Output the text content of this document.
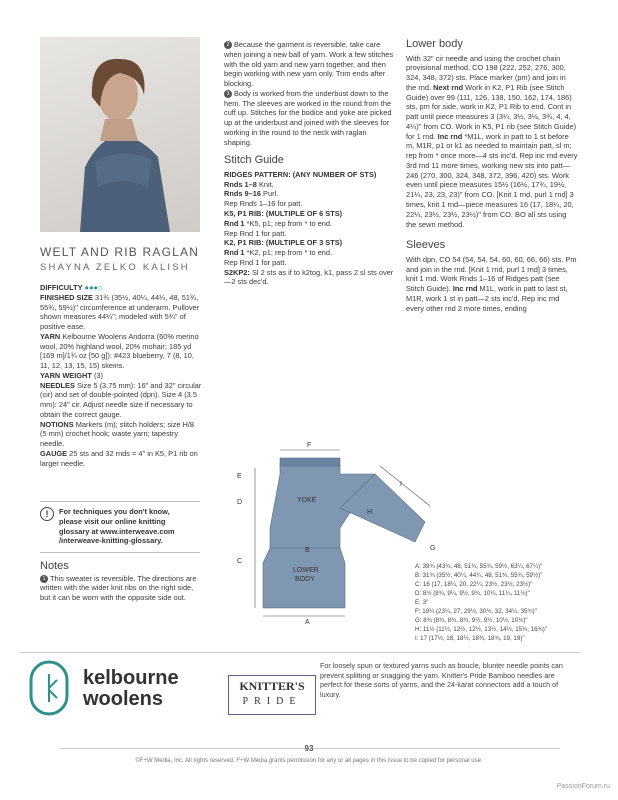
WELT AND RIB RAGLAN
SHAYNA ZELKO KALISH

DIFFICULTY ●●●○

FINISHED SIZE 31¾ (35½, 40¼, 44¼, 48, 51¾, 55¾, 59½)" circumference at underarm. Pullover shown measures 44¼"; modeled with 5¾" of positive ease.

YARN Kelbourne Woolens Andorra (60% merino wool, 20% highland wool, 20% mohair; 185 yd [169 m]/1¾ oz [50 g]): #423 blueberry, 7 (8, 10, 11, 12, 13, 15, 15) skeins.

YARN WEIGHT (3)

NEEDLES Size 5 (3.75 mm): 16" and 32" circular (cir) and set of double-pointed (dpn). Size 4 (3.5 mm): 24" cir. Adjust needle size if necessary to obtain the correct gauge.

NOTIONS Markers (m); stitch holders; size H/8 (5 mm) crochet hook; waste yarn; tapestry needle.

GAUGE 25 sts and 32 rnds = 4" in K5, P1 rib on larger needle.

!	For techniques you don't know,
please visit our online knitting
glossary at www.interweave.com
/interweave-knitting-glossary.
Notes

1 This sweater is reversible. The directions are written with the wider knit ribs on the right side, but it can be worn with the opposite side out.

2 Because the garment is reversible, take care when joining a new ball of yarn. Work a few stitches with the old yarn and new yarn together, and then begin working with new yarn only. Trim ends after blocking.

3 Body is worked from the underbust down to the hem. The sleeves are worked in the round from the cuff up. Stitches for the bodice and yoke are picked up at the underbust and joined with the sleeves for working in the round to the neck with raglan shaping.

Stitch Guide

RIDGES PATTERN: (ANY NUMBER OF STS)

Rnds 1–8 Knit.

Rnds 9–16 Purl.

Rep Rnds 1–16 for patt.

K5, P1 RIB: (MULTIPLE OF 6 STS)

Rnd 1 *K5, p1; rep from * to end.

Rep Rnd 1 for patt.

K2, P1 RIB: (MULTIPLE OF 3 STS)

Rnd 1 *K2, p1; rep from * to end.

Rep Rnd 1 for patt.

S2KP2: Sl 2 sts as if to k2tog, k1, pass 2 sl sts over—2 sts dec'd.

Lower body

With 32" cir needle and using the crochet chain provisional method, CO 198 (222, 252, 276, 300, 324, 348, 372) sts. Place marker (pm) and join in the rnd. Next rnd Work in K2, P1 Rib (see Stitch Guide) over 99 (111, 126, 138, 150, 162, 174, 186) sts, pm for side, work in K2, P1 Rib to end. Cont in patt until piece measures 3 (3¼, 3½, 3½, 3¾, 4, 4, 4¼)" from CO. Work in K5, P1 rib (see Stitch Guide) for 1 rnd. Inc rnd *M1L, work in patt to 1 st before m, M1R, p1 or k1 as needed to maintain patt, sl m; rep from * once more—4 sts inc'd. Rep inc rnd every 3rd rnd 11 more times, working new sts into patt—246 (270, 300, 324, 348, 372, 396, 420) sts. Work even until piece measures 15½ (16½, 17¾, 19½, 21¼, 23, 23, 23)" from CO. [Knit 1 rnd, purl 1 rnd] 3 times, knit 1 rnd—piece measures 16 (17, 18¼, 20, 22¼, 23½, 23½, 23½)" from CO. BO all sts using the sewn method.

Sleeves

With dpn, CO 54 (54, 54, 54, 60, 60, 66, 66) sts. Pm and join in the rnd. [Knit 1 rnd, purl 1 rnd] 3 times, knit 1 rnd. Work Rnds 1–16 of Ridges patt (see Stitch Guide). Inc rnd M1L, work in patt to last st, M1R, work 1 st in patt—2 sts inc'd. Rep inc rnd every other rnd 2 more times, ending

F
E
D
C
A
B	G
H
I
YOKE
LOWER
BODY
A: 39¾ (43¾, 48, 51¾, 55¾, 59½, 63¼, 67¼)"
B: 31¾ (35½, 40¼, 44¼, 48, 51¾, 55¾, 59½)"
C: 16 (17, 18¼, 20, 22¼, 23½, 23½, 23½)"
D: 8½ (8¾, 9¼, 9½, 9¾, 10¼, 11¼, 11½)"
E: 3"
F: 19¼ (23¼, 27, 29½, 30¾, 32, 34¼, 35¾)"
G: 8¾ (8¾, 8¾, 8¾, 9½, 9½, 10½, 10½)"
H: 11½ (11½, 12½, 12½, 13½, 14½, 15¾, 16¾)"
I: 17 (17½, 18, 18½, 18¾, 18¾, 19, 19)"
kelbourne
woolens
KNITTER'S
PRIDE
For loosely spun or textured yarns such as boucle, blunter needle points can prevent splitting or snagging the yarn. Knitter's Pride Bamboo needles are perfect for these sorts of yarns, and the 24-karat connectors add a touch of luxury.
93
©F+W Media, Inc. All rights reserved. F+W Media grants permission for any or all pages in this issue to be copied for personal use.
PassionForum.ru
